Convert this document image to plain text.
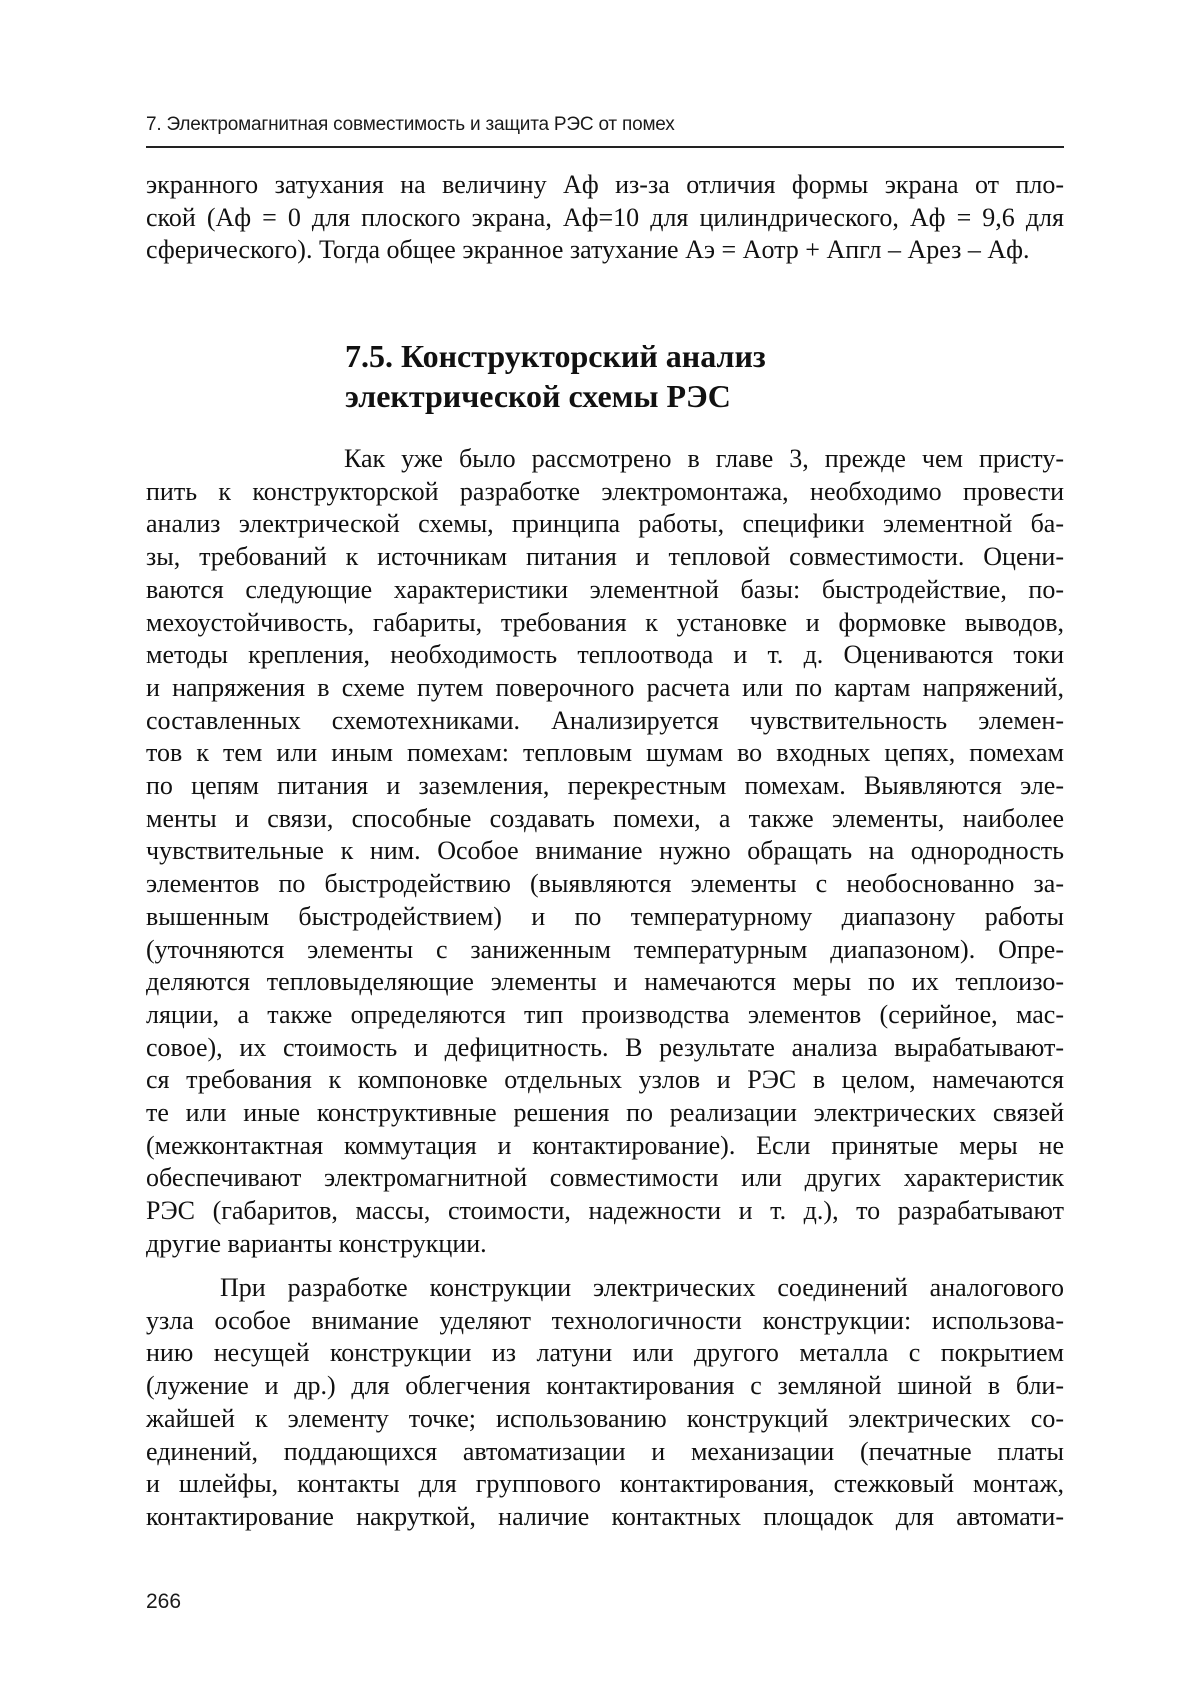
7. Электромагнитная совместимость и защита РЭС от помех
экранного затухания на величину Aф из-за отличия формы экрана от пло-
ской (Aф = 0 для плоского экрана, Aф=10 для цилиндрического, Aф = 9,6 для
сферического). Тогда общее экранное затухание Aэ = Aотр + Aпгл – Aрез – Aф.
7.5. Конструкторский анализ
электрической схемы РЭС
Как уже было рассмотрено в главе 3, прежде чем присту-
пить к конструкторской разработке электромонтажа, необходимо провести
анализ электрической схемы, принципа работы, специфики элементной ба-
зы, требований к источникам питания и тепловой совместимости. Оцени-
ваются следующие характеристики элементной базы: быстродействие, по-
мехоустойчивость, габариты, требования к установке и формовке выводов,
методы крепления, необходимость теплоотвода и т. д. Оцениваются токи
и напряжения в схеме путем поверочного расчета или по картам напряжений,
составленных схемотехниками. Анализируется чувствительность элемен-
тов к тем или иным помехам: тепловым шумам во входных цепях, помехам
по цепям питания и заземления, перекрестным помехам. Выявляются эле-
менты и связи, способные создавать помехи, а также элементы, наиболее
чувствительные к ним. Особое внимание нужно обращать на однородность
элементов по быстродействию (выявляются элементы с необоснованно за-
вышенным быстродействием) и по температурному диапазону работы
(уточняются элементы с заниженным температурным диапазоном). Опре-
деляются тепловыделяющие элементы и намечаются меры по их теплоизо-
ляции, а также определяются тип производства элементов (серийное, мас-
совое), их стоимость и дефицитность. В результате анализа вырабатывают-
ся требования к компоновке отдельных узлов и РЭС в целом, намечаются
те или иные конструктивные решения по реализации электрических связей
(межконтактная коммутация и контактирование). Если принятые меры не
обеспечивают электромагнитной совместимости или других характеристик
РЭС (габаритов, массы, стоимости, надежности и т. д.), то разрабатывают
другие варианты конструкции.
При разработке конструкции электрических соединений аналогового
узла особое внимание уделяют технологичности конструкции: использова-
нию несущей конструкции из латуни или другого металла с покрытием
(лужение и др.) для облегчения контактирования с земляной шиной в бли-
жайшей к элементу точке; использованию конструкций электрических со-
единений, поддающихся автоматизации и механизации (печатные платы
и шлейфы, контакты для группового контактирования, стежковый монтаж,
контактирование накруткой, наличие контактных площадок для автомати-
266
